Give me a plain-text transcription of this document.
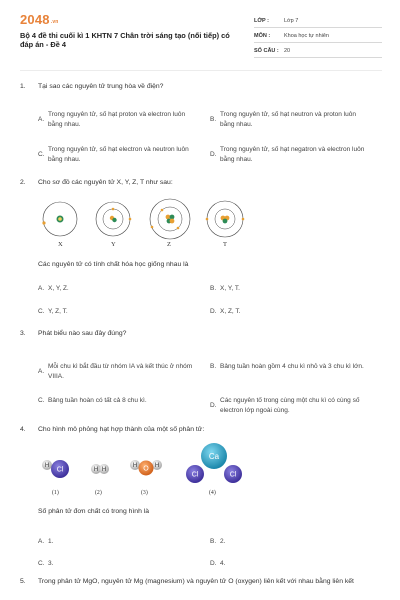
2048.vn
Bộ 4 đề thi cuối kì 1 KHTN 7 Chân trời sáng tạo (nối tiếp) có đáp án - Đề 4
LỚP :	Lớp 7
MÔN :	Khoa học tự nhiên
SỐ CÂU : 20
1.	Tại sao các nguyên tử trung hòa về điện?
A.
Trong nguyên tử, số hạt proton và electron luôn bằng nhau.
B.
Trong nguyên tử, số hạt neutron và proton luôn bằng nhau.
C.
Trong nguyên tử, số hạt electron và neutron luôn bằng nhau.
D.
Trong nguyên tử, số hạt negatron và electron luôn bằng nhau.
2.	Cho sơ đồ các nguyên tử X, Y, Z, T như sau:
X	Y	Z	T
Các nguyên tử có tính chất hóa học giống nhau là
A. X, Y, Z.	B. X, Y, T.
C. Y, Z, T.	D. X, Z, T.
3.	Phát biểu nào sau đây đúng?
A.
Mỗi chu kì bắt đầu từ nhóm IA và kết thúc ở nhóm VIIIA.
B. Bảng tuần hoàn gồm 4 chu kì nhỏ và 3 chu kì lớn.
C. Bảng tuần hoàn có tất cả 8 chu kì.
D.
Các nguyên tố trong cùng một chu kì có cùng số electron lớp ngoài cùng.
4.	Cho hình mô phỏng hạt hợp thành của một số phân tử:
H
Cl	H H
H	H
O
Ca
Cl	Cl
(1)	(2)	(3)	(4)
Số phân tử đơn chất có trong hình là
A. 1.	B. 2.
C. 3.	D. 4.
5.	Trong phân tử MgO, nguyên tử Mg (magnesium) và nguyên tử O (oxygen) liên kết với nhau bằng liên kết
